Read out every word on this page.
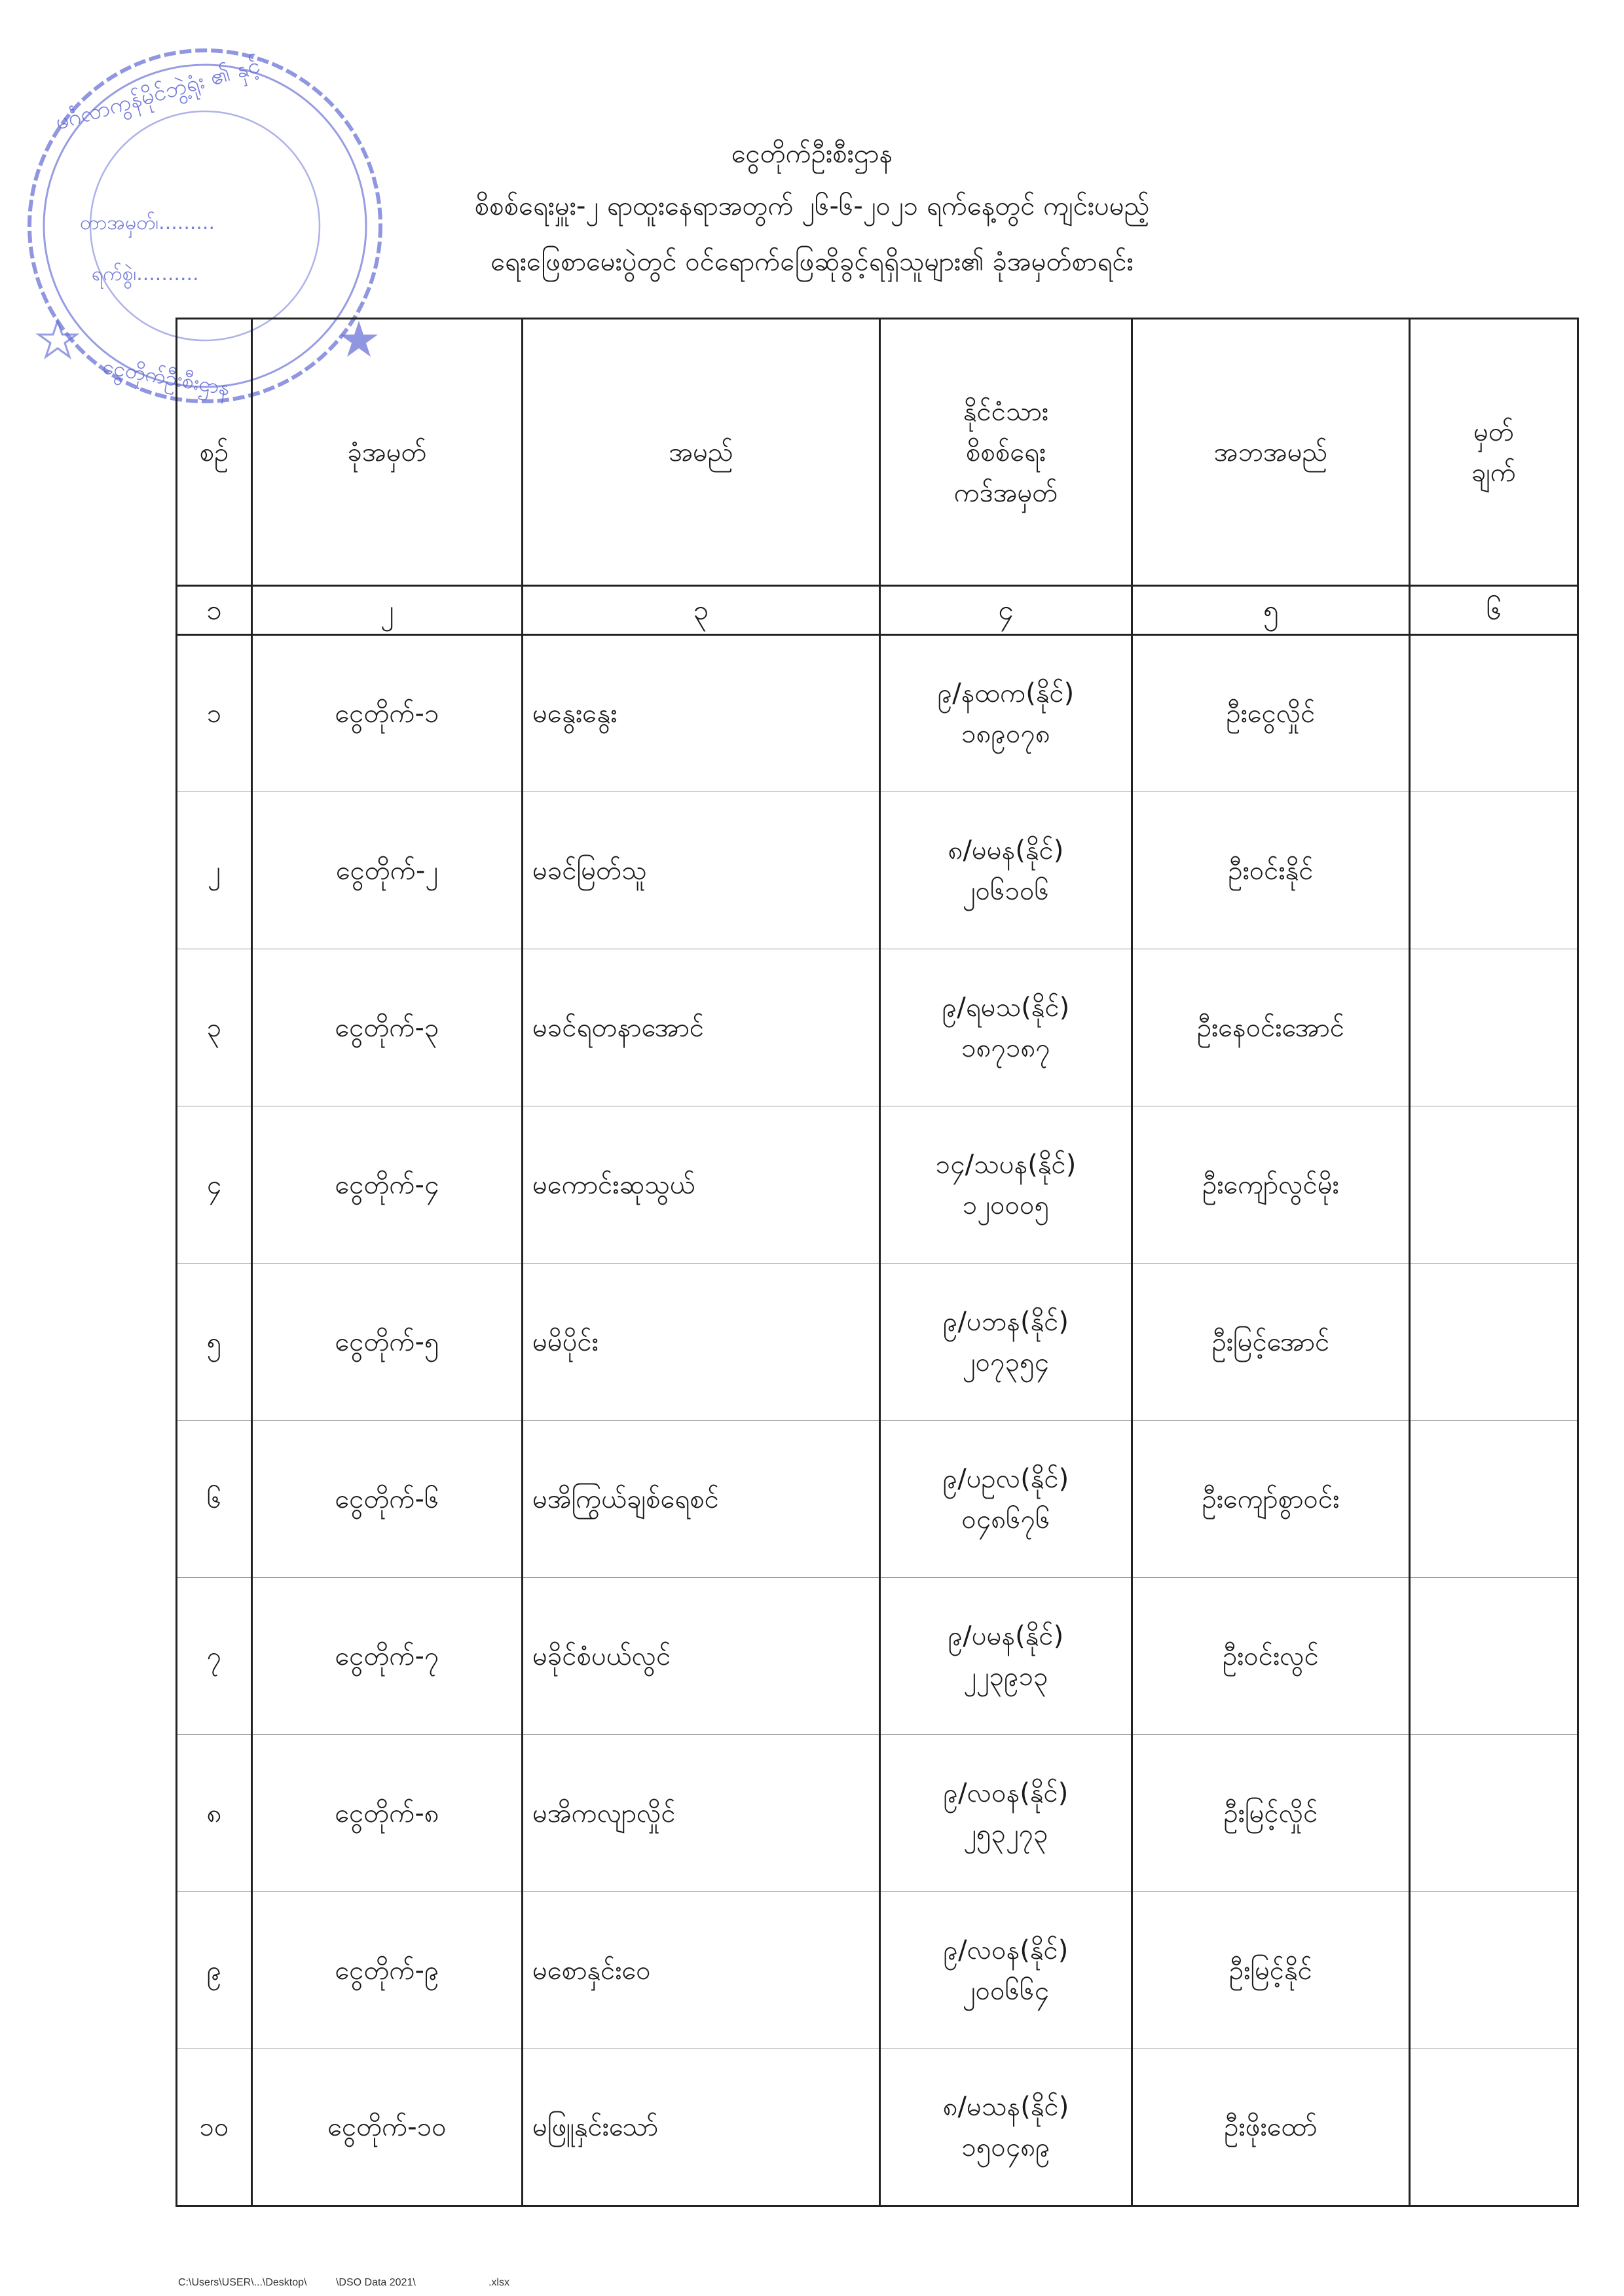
မင်္ဂလာကွန်မိုင်ဘွဲ့ရုံး ၏ နှင့်
တာအမှတ်၊.........
ရက်စွဲ၊..........
ငွေတိုက်ဦးစီးဌာန
ငွေတိုက်ဦးစီးဌာန
စိစစ်ရေးမှူး-၂ ရာထူးနေရာအတွက် ၂၆-၆-၂၀၂၁ ရက်နေ့တွင် ကျင်းပမည့်
ရေးဖြေစာမေးပွဲတွင် ဝင်ရောက်ဖြေဆိုခွင့်ရရှိသူများ၏ ခုံအမှတ်စာရင်း
စဉ်	ခုံအမှတ်	အမည်	နိုင်ငံသား
စိစစ်ရေး
ကဒ်အမှတ်	အဘအမည်	မှတ်
ချက်
၁	၂	၃	၄	၅	၆
၁	ငွေတိုက်-၁	မနွေးနွေး	၉/နထက(နိုင်)
၁၈၉၀၇၈	ဦးငွေလှိုင်	
၂	ငွေတိုက်-၂	မခင်မြတ်သူ	၈/မမန(နိုင်)
၂၀၆၁၀၆	ဦးဝင်းနိုင်	
၃	ငွေတိုက်-၃	မခင်ရတနာအောင်	၉/ရမသ(နိုင်)
၁၈၇၁၈၇	ဦးနေဝင်းအောင်	
၄	ငွေတိုက်-၄	မကောင်းဆုသွယ်	၁၄/သပန(နိုင်)
၁၂၀၀၀၅	ဦးကျော်လွင်မိုး	
၅	ငွေတိုက်-၅	မမိပိုင်း	၉/ပဘန(နိုင်)
၂၀၇၃၅၄	ဦးမြင့်အောင်	
၆	ငွေတိုက်-၆	မအိကြွယ်ချစ်ရေစင်	၉/ပဥလ(နိုင်)
၀၄၈၆၇၆	ဦးကျော်စွာဝင်း	
၇	ငွေတိုက်-၇	မခိုင်စံပယ်လွင်	၉/ပမန(နိုင်)
၂၂၃၉၁၃	ဦးဝင်းလွင်	
၈	ငွေတိုက်-၈	မအိကလျာလှိုင်	၉/လဝန(နိုင်)
၂၅၃၂၇၃	ဦးမြင့်လှိုင်	
၉	ငွေတိုက်-၉	မစောနှင်းဝေ	၉/လဝန(နိုင်)
၂၀၀၆၆၄	ဦးမြင့်နိုင်	
၁၀	ငွေတိုက်-၁၀	မဖြူနှင်းသော်	၈/မသန(နိုင်)
၁၅၀၄၈၉	ဦးဖိုးထော်	
C:\Users\USER\...\Desktop\	\DSO Data 2021\	.xlsx
